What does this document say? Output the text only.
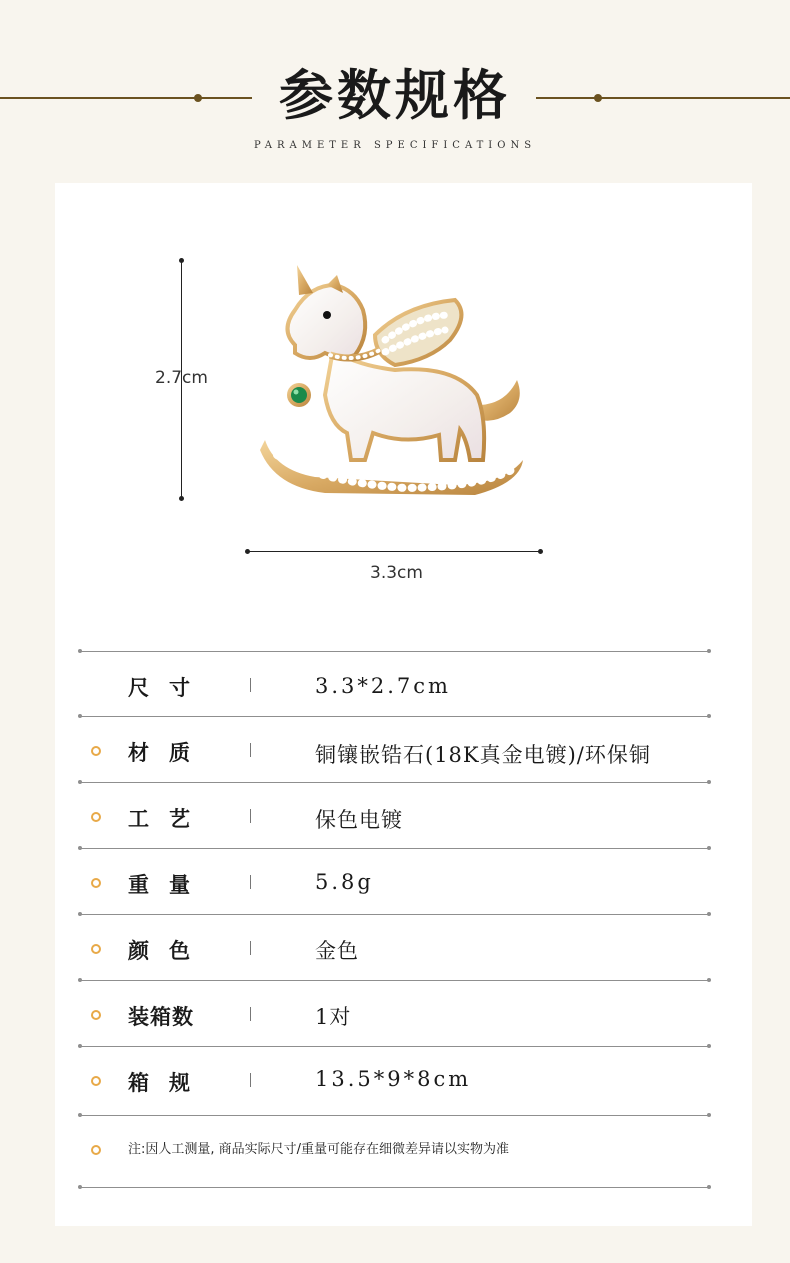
参数规格
PARAMETER SPECIFICATIONS
2.7cm
3.3cm
尺寸	3.3*2.7cm
材质	铜镶嵌锆石(18K真金电镀)/环保铜
工艺	保色电镀
重量	5.8g
颜色	金色
装箱数	1对
箱规	13.5*9*8cm
注:因人工测量, 商品实际尺寸/重量可能存在细微差异请以实物为准
